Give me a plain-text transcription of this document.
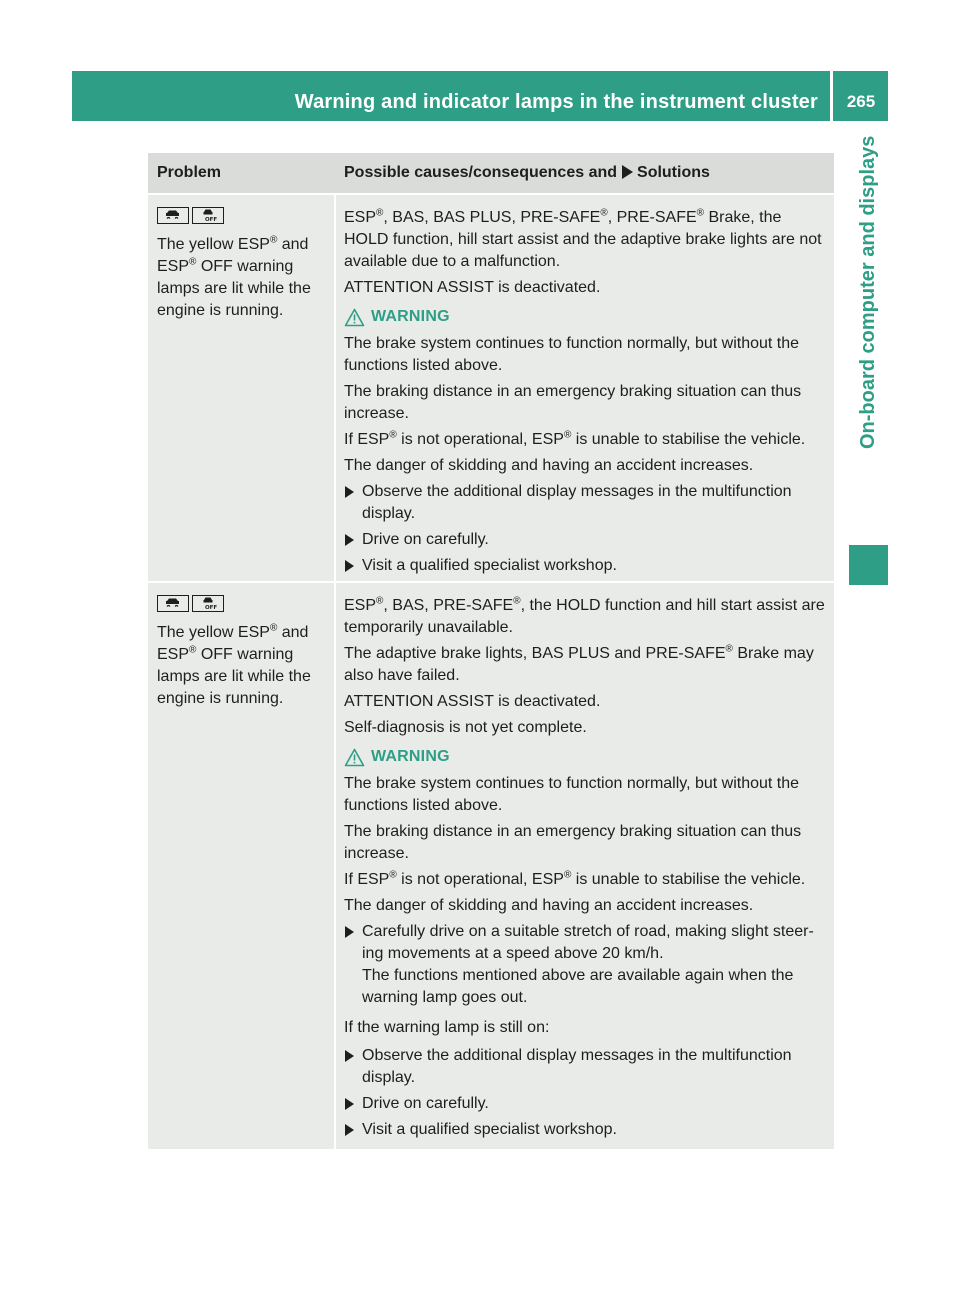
Warning and indicator lamps in the instrument cluster	265
On-board computer and displays
Problem	Possible causes/consequences and Solutions
OFF

The yellow ESP® and

ESP® OFF warning

lamps are lit while the

engine is running.

ESP®, BAS, BAS PLUS, PRE-SAFE®, PRE-SAFE® Brake, the HOLD function, hill start assist and the adaptive brake lights are not available due to a malfunction.

ATTENTION ASSIST is deactivated.

WARNING

The brake system continues to function normally, but without the functions listed above.

The braking distance in an emergency braking situation can thus increase.

If ESP® is not operational, ESP® is unable to stabilise the vehicle.

The danger of skidding and having an accident increases.

Observe the additional display messages in the multifunction display.
Drive on carefully.
Visit a qualified specialist workshop.
OFF

The yellow ESP® and

ESP® OFF warning

lamps are lit while the

engine is running.

ESP®, BAS, PRE-SAFE®, the HOLD function and hill start assist are temporarily unavailable.

The adaptive brake lights, BAS PLUS and PRE-SAFE® Brake may also have failed.

ATTENTION ASSIST is deactivated.

Self-diagnosis is not yet complete.

WARNING

The brake system continues to function normally, but without the functions listed above.

The braking distance in an emergency braking situation can thus increase.

If ESP® is not operational, ESP® is unable to stabilise the vehicle.

The danger of skidding and having an accident increases.

Carefully drive on a suitable stretch of road, making slight steer-ing movements at a speed above 20 km/h.
The functions mentioned above are available again when the warning lamp goes out.

If the warning lamp is still on:

Observe the additional display messages in the multifunction display.
Drive on carefully.
Visit a qualified specialist workshop.
